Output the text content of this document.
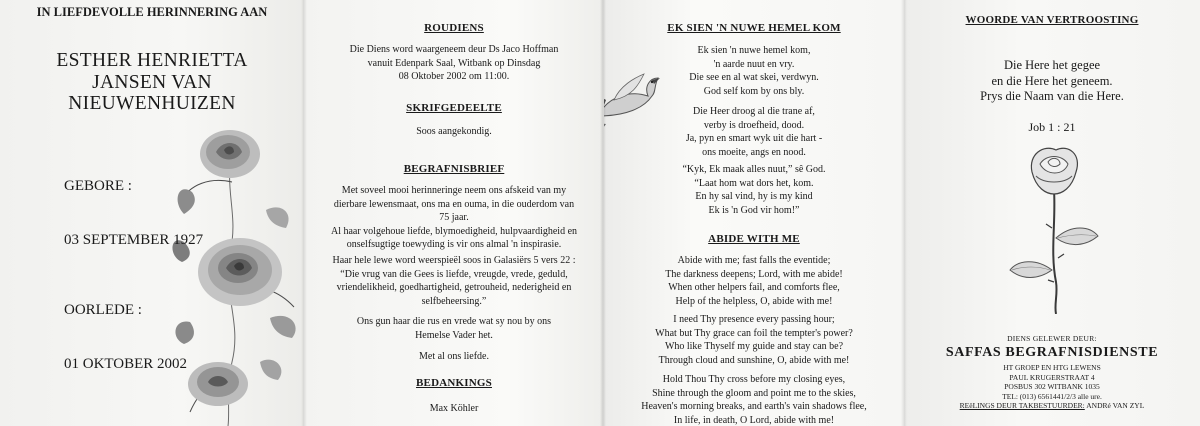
IN LIEFDEVOLLE HERINNERING AAN
ESTHER HENRIETTA
JANSEN VAN
NIEUWENHUIZEN
GEBORE :
03 SEPTEMBER 1927
OORLEDE :
01 OKTOBER 2002
ROUDIENS
Die Diens word waargeneem deur Ds Jaco Hoffman
vanuit Edenpark Saal, Witbank op Dinsdag
08 Oktober 2002 om 11:00.
SKRIFGEDEELTE
Soos aangekondig.
BEGRAFNISBRIEF
Met soveel mooi herinneringe neem ons afskeid van my
dierbare lewensmaat, ons ma en ouma, in die ouderdom van
75 jaar.
Al haar volgehoue liefde, blymoedigheid, hulpvaardigheid en
onselfsugtige toewyding is vir ons almal 'n inspirasie.
Haar hele lewe word weerspieël soos in Galasiërs 5 vers 22 :
“Die vrug van die Gees is liefde, vreugde, vrede, geduld,
vriendelikheid, goedhartigheid, getrouheid, nederigheid en
selfbeheersing.”
Ons gun haar die rus en vrede wat sy nou by ons
Hemelse Vader het.
Met al ons liefde.
BEDANKINGS
Max Köhler
EK SIEN 'N NUWE HEMEL KOM
Ek sien 'n nuwe hemel kom,
'n aarde nuut en vry.
Die see en al wat skei, verdwyn.
God self kom by ons bly.
Die Heer droog al die trane af,
verby is droefheid, dood.
Ja, pyn en smart wyk uit die hart -
ons moeite, angs en nood.
“Kyk, Ek maak alles nuut,” sê God.
“Laat hom wat dors het, kom.
En hy sal vind, hy is my kind
Ek is 'n God vir hom!”
ABIDE WITH ME
Abide with me; fast falls the eventide;
The darkness deepens; Lord, with me abide!
When other helpers fail, and comforts flee,
Help of the helpless, O, abide with me!
I need Thy presence every passing hour;
What but Thy grace can foil the tempter's power?
Who like Thyself my guide and stay can be?
Through cloud and sunshine, O, abide with me!
Hold Thou Thy cross before my closing eyes,
Shine through the gloom and point me to the skies,
Heaven's morning breaks, and earth's vain shadows flee,
In life, in death, O Lord, abide with me!
WOORDE VAN VERTROOSTING
Die Here het gegee
en die Here het geneem.
Prys die Naam van die Here.
Job 1 : 21
DIENS GELEWER DEUR:
SAFFAS BEGRAFNISDIENSTE
HT GROEP EN HTG LEWENS
PAUL KRUGERSTRAAT 4
POSBUS 302 WITBANK 1035
TEL: (013) 6561441/2/3 alle ure.
REëLINGS DEUR TAKBESTUURDER: ANDRé VAN ZYL
